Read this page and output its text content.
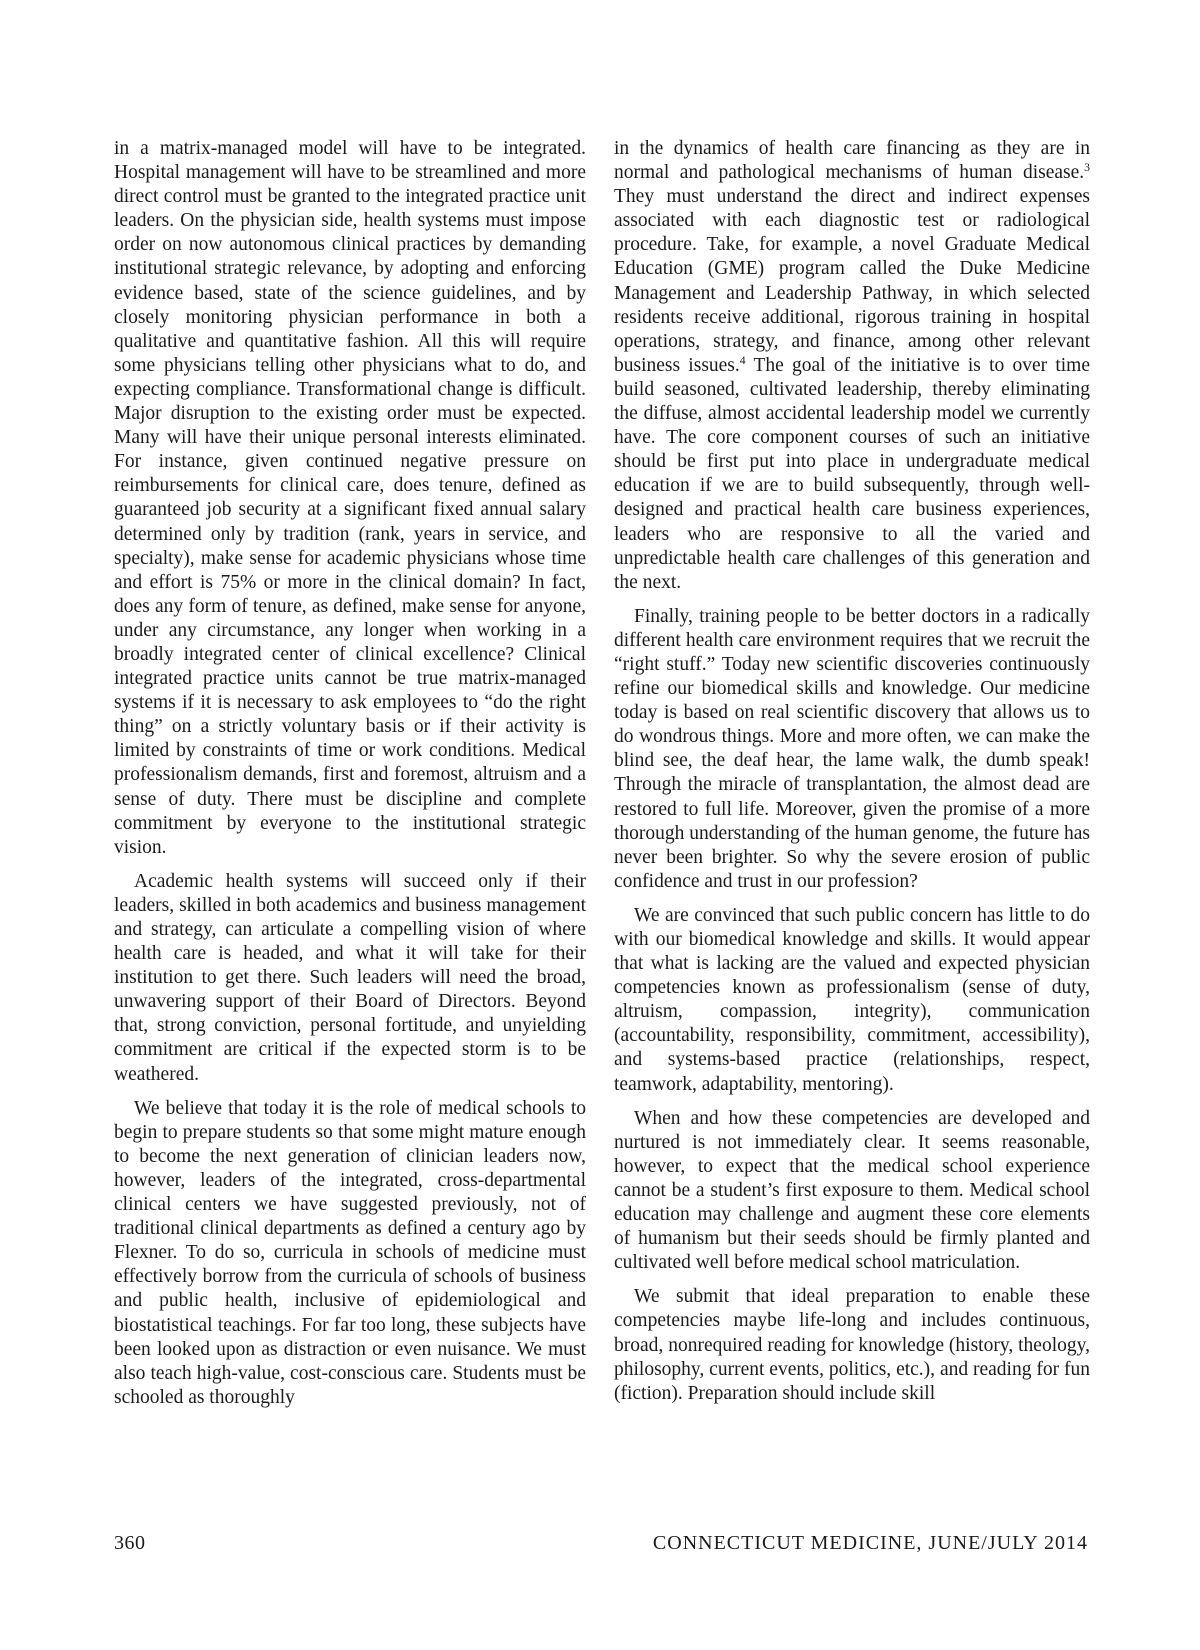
in a matrix-managed model will have to be integrated. Hospital management will have to be streamlined and more direct control must be granted to the integrated practice unit leaders. On the physician side, health systems must impose order on now autonomous clinical practices by demanding institutional strategic relevance, by adopting and enforcing evidence based, state of the science guidelines, and by closely monitoring physician performance in both a qualitative and quantitative fashion. All this will require some physicians telling other physicians what to do, and expecting compliance. Transformational change is difficult. Major disruption to the existing order must be expected. Many will have their unique personal interests eliminated. For instance, given continued negative pressure on reimbursements for clinical care, does tenure, defined as guaranteed job security at a significant fixed annual salary determined only by tradition (rank, years in service, and specialty), make sense for academic physicians whose time and effort is 75% or more in the clinical domain? In fact, does any form of tenure, as defined, make sense for anyone, under any circumstance, any longer when working in a broadly integrated center of clinical excellence? Clinical integrated practice units cannot be true matrix-managed systems if it is necessary to ask employees to “do the right thing” on a strictly voluntary basis or if their activity is limited by constraints of time or work conditions. Medical professionalism demands, first and foremost, altruism and a sense of duty. There must be discipline and complete commitment by everyone to the institutional strategic vision.

Academic health systems will succeed only if their leaders, skilled in both academics and business management and strategy, can articulate a compelling vision of where health care is headed, and what it will take for their institution to get there. Such leaders will need the broad, unwavering support of their Board of Directors. Beyond that, strong conviction, personal fortitude, and unyielding commitment are critical if the expected storm is to be weathered.

We believe that today it is the role of medical schools to begin to prepare students so that some might mature enough to become the next generation of clinician leaders now, however, leaders of the integrated, cross-departmental clinical centers we have suggested previously, not of traditional clinical departments as defined a century ago by Flexner. To do so, curricula in schools of medicine must effectively borrow from the curricula of schools of business and public health, inclusive of epidemiological and biostatistical teachings. For far too long, these subjects have been looked upon as distraction or even nuisance. We must also teach high-value, cost-conscious care. Students must be schooled as thoroughly

in the dynamics of health care financing as they are in normal and pathological mechanisms of human disease.$^3$ They must understand the direct and indirect expenses associated with each diagnostic test or radiological procedure. Take, for example, a novel Graduate Medical Education (GME) program called the Duke Medicine Management and Leadership Pathway, in which selected residents receive additional, rigorous training in hospital operations, strategy, and finance, among other relevant business issues.$^4$ The goal of the initiative is to over time build seasoned, cultivated leadership, thereby eliminating the diffuse, almost accidental leadership model we currently have. The core component courses of such an initiative should be first put into place in undergraduate medical education if we are to build subsequently, through well-designed and practical health care business experiences, leaders who are responsive to all the varied and unpredictable health care challenges of this generation and the next.

Finally, training people to be better doctors in a radically different health care environment requires that we recruit the “right stuff.” Today new scientific discoveries continuously refine our biomedical skills and knowledge. Our medicine today is based on real scientific discovery that allows us to do wondrous things. More and more often, we can make the blind see, the deaf hear, the lame walk, the dumb speak! Through the miracle of transplantation, the almost dead are restored to full life. Moreover, given the promise of a more thorough understanding of the human genome, the future has never been brighter. So why the severe erosion of public confidence and trust in our profession?

We are convinced that such public concern has little to do with our biomedical knowledge and skills. It would appear that what is lacking are the valued and expected physician competencies known as professionalism (sense of duty, altruism, compassion, integrity), communication (accountability, responsibility, commitment, accessibility), and systems-based practice (relationships, respect, teamwork, adaptability, mentoring).

When and how these competencies are developed and nurtured is not immediately clear. It seems reasonable, however, to expect that the medical school experience cannot be a student’s first exposure to them. Medical school education may challenge and augment these core elements of humanism but their seeds should be firmly planted and cultivated well before medical school matriculation.

We submit that ideal preparation to enable these competencies maybe life-long and includes continuous, broad, nonrequired reading for knowledge (history, theology, philosophy, current events, politics, etc.), and reading for fun (fiction). Preparation should include skill

360	CONNECTICUT MEDICINE, JUNE/JULY 2014
